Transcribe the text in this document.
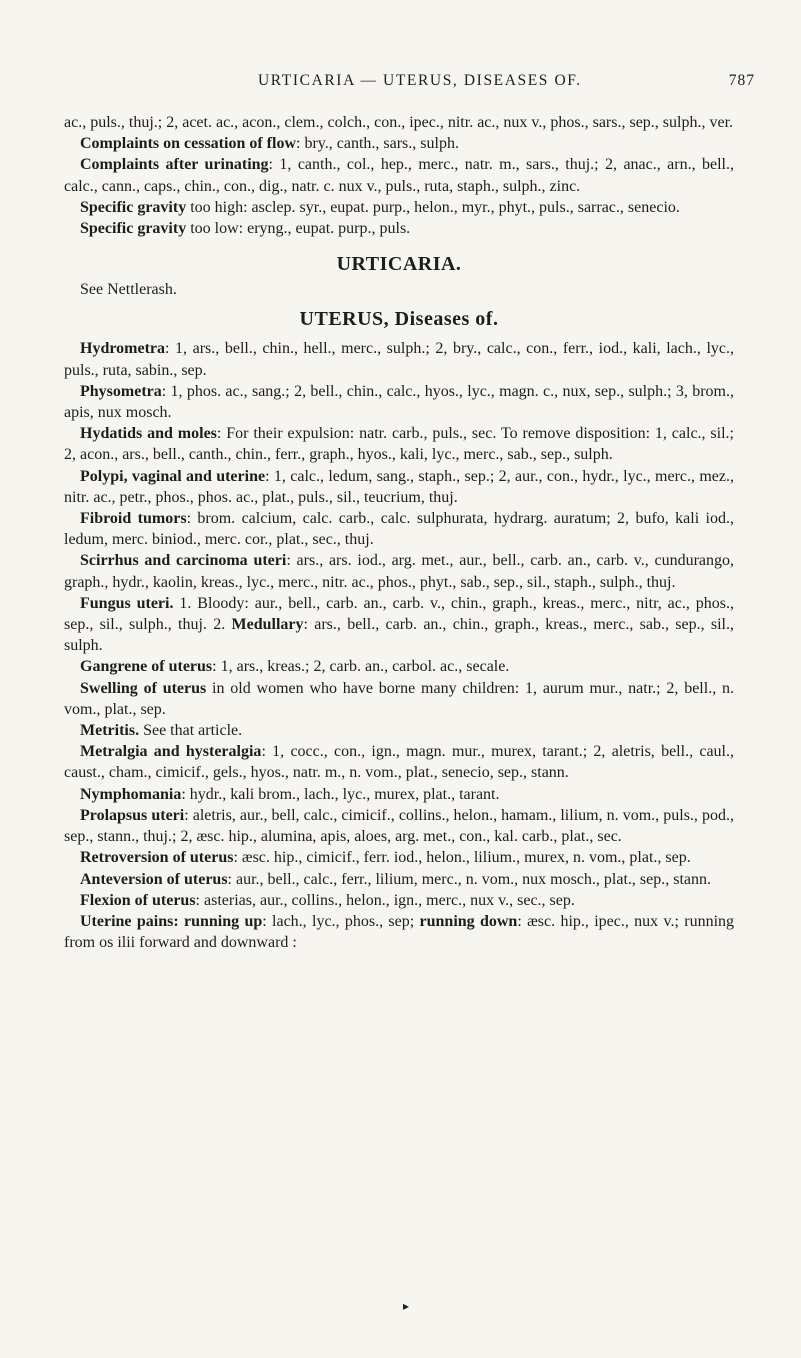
URTICARIA — UTERUS, DISEASES OF.	787

ac., puls., thuj.; 2, acet. ac., acon., clem., colch., con., ipec., nitr. ac., nux v., phos., sars., sep., sulph., ver.

Complaints on cessation of flow: bry., canth., sars., sulph.

Complaints after urinating: 1, canth., col., hep., merc., natr. m., sars., thuj.; 2, anac., arn., bell., calc., cann., caps., chin., con., dig., natr. c. nux v., puls., ruta, staph., sulph., zinc.

Specific gravity too high: asclep. syr., eupat. purp., helon., myr., phyt., puls., sarrac., senecio.

Specific gravity too low: eryng., eupat. purp., puls.

URTICARIA.

See Nettlerash.

UTERUS, Diseases of.

Hydrometra: 1, ars., bell., chin., hell., merc., sulph.; 2, bry., calc., con., ferr., iod., kali, lach., lyc., puls., ruta, sabin., sep.

Physometra: 1, phos. ac., sang.; 2, bell., chin., calc., hyos., lyc., magn. c., nux, sep., sulph.; 3, brom., apis, nux mosch.

Hydatids and moles: For their expulsion: natr. carb., puls., sec. To remove disposition: 1, calc., sil.; 2, acon., ars., bell., canth., chin., ferr., graph., hyos., kali, lyc., merc., sab., sep., sulph.

Polypi, vaginal and uterine: 1, calc., ledum, sang., staph., sep.; 2, aur., con., hydr., lyc., merc., mez., nitr. ac., petr., phos., phos. ac., plat., puls., sil., teucrium, thuj.

Fibroid tumors: brom. calcium, calc. carb., calc. sulphurata, hydrarg. auratum; 2, bufo, kali iod., ledum, merc. biniod., merc. cor., plat., sec., thuj.

Scirrhus and carcinoma uteri: ars., ars. iod., arg. met., aur., bell., carb. an., carb. v., cundurango, graph., hydr., kaolin, kreas., lyc., merc., nitr. ac., phos., phyt., sab., sep., sil., staph., sulph., thuj.

Fungus uteri. 1. Bloody: aur., bell., carb. an., carb. v., chin., graph., kreas., merc., nitr, ac., phos., sep., sil., sulph., thuj. 2. Medullary: ars., bell., carb. an., chin., graph., kreas., merc., sab., sep., sil., sulph.

Gangrene of uterus: 1, ars., kreas.; 2, carb. an., carbol. ac., secale.

Swelling of uterus in old women who have borne many children: 1, aurum mur., natr.; 2, bell., n. vom., plat., sep.

Metritis. See that article.

Metralgia and hysteralgia: 1, cocc., con., ign., magn. mur., murex, tarant.; 2, aletris, bell., caul., caust., cham., cimicif., gels., hyos., natr. m., n. vom., plat., senecio, sep., stann.

Nymphomania: hydr., kali brom., lach., lyc., murex, plat., tarant.

Prolapsus uteri: aletris, aur., bell, calc., cimicif., collins., helon., hamam., lilium, n. vom., puls., pod., sep., stann., thuj.; 2, æsc. hip., alumina, apis, aloes, arg. met., con., kal. carb., plat., sec.

Retroversion of uterus: æsc. hip., cimicif., ferr. iod., helon., lilium., murex, n. vom., plat., sep.

Anteversion of uterus: aur., bell., calc., ferr., lilium, merc., n. vom., nux mosch., plat., sep., stann.

Flexion of uterus: asterias, aur., collins., helon., ign., merc., nux v., sec., sep.

Uterine pains: running up: lach., lyc., phos., sep; running down: æsc. hip., ipec., nux v.; running from os ilii forward and downward :

▸
